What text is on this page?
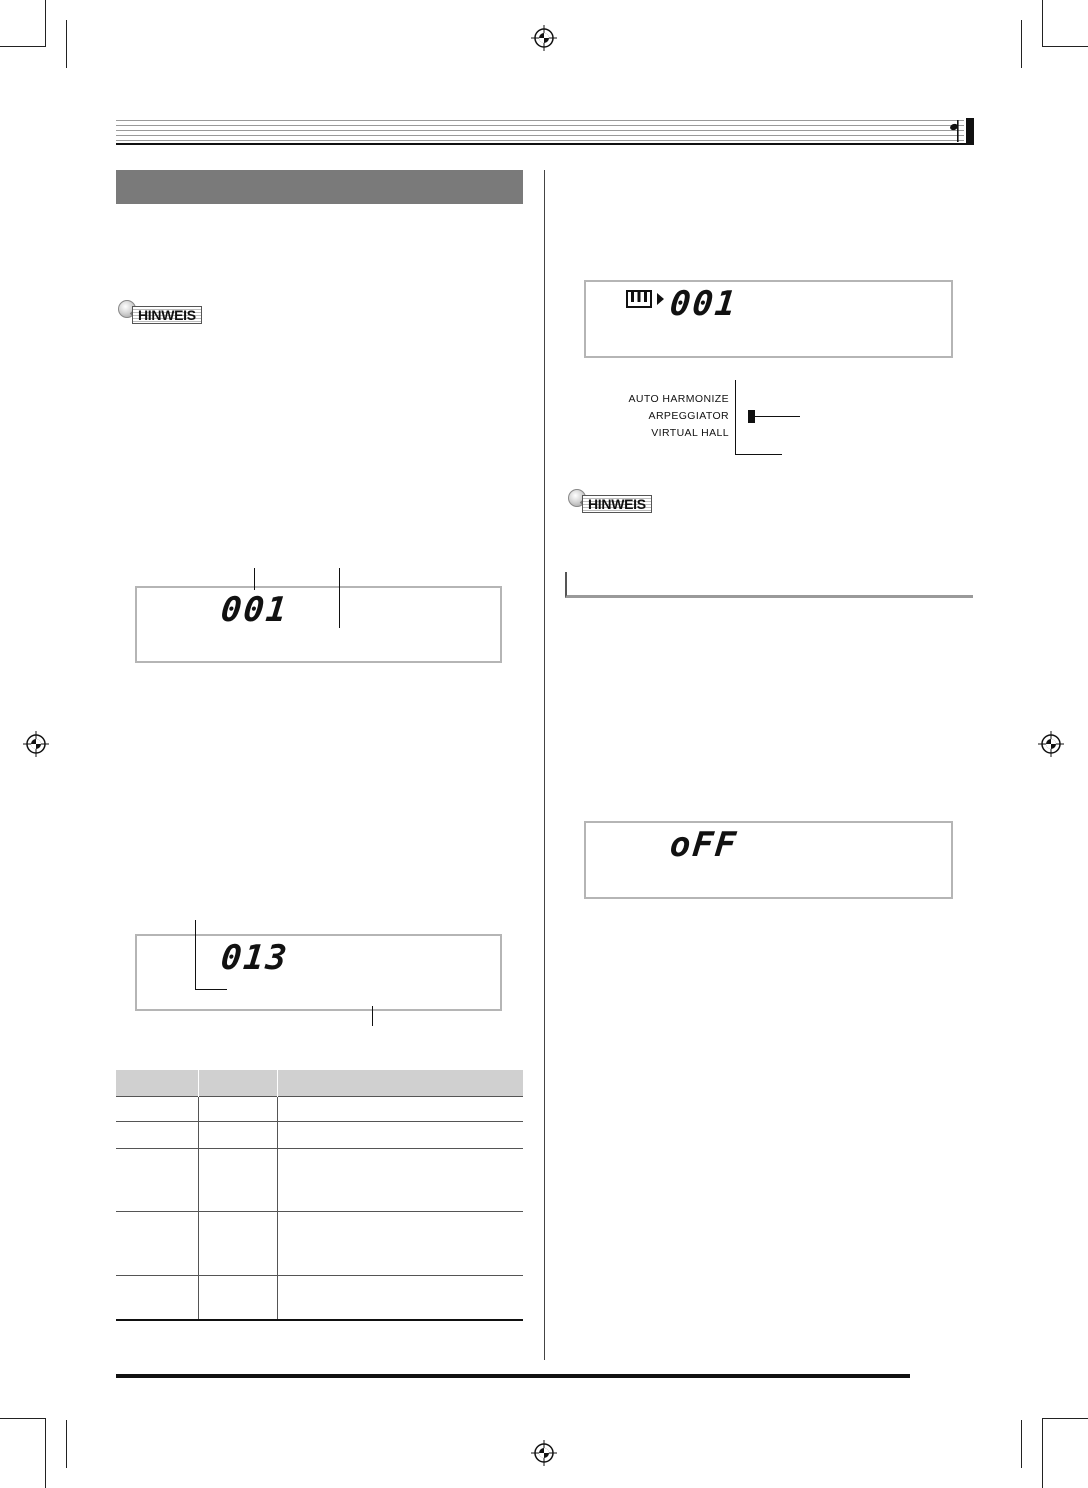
HINWEIS
001
013

001
AUTO HARMONIZE
ARPEGGIATOR
VIRTUAL HALL
HINWEIS
oFF
